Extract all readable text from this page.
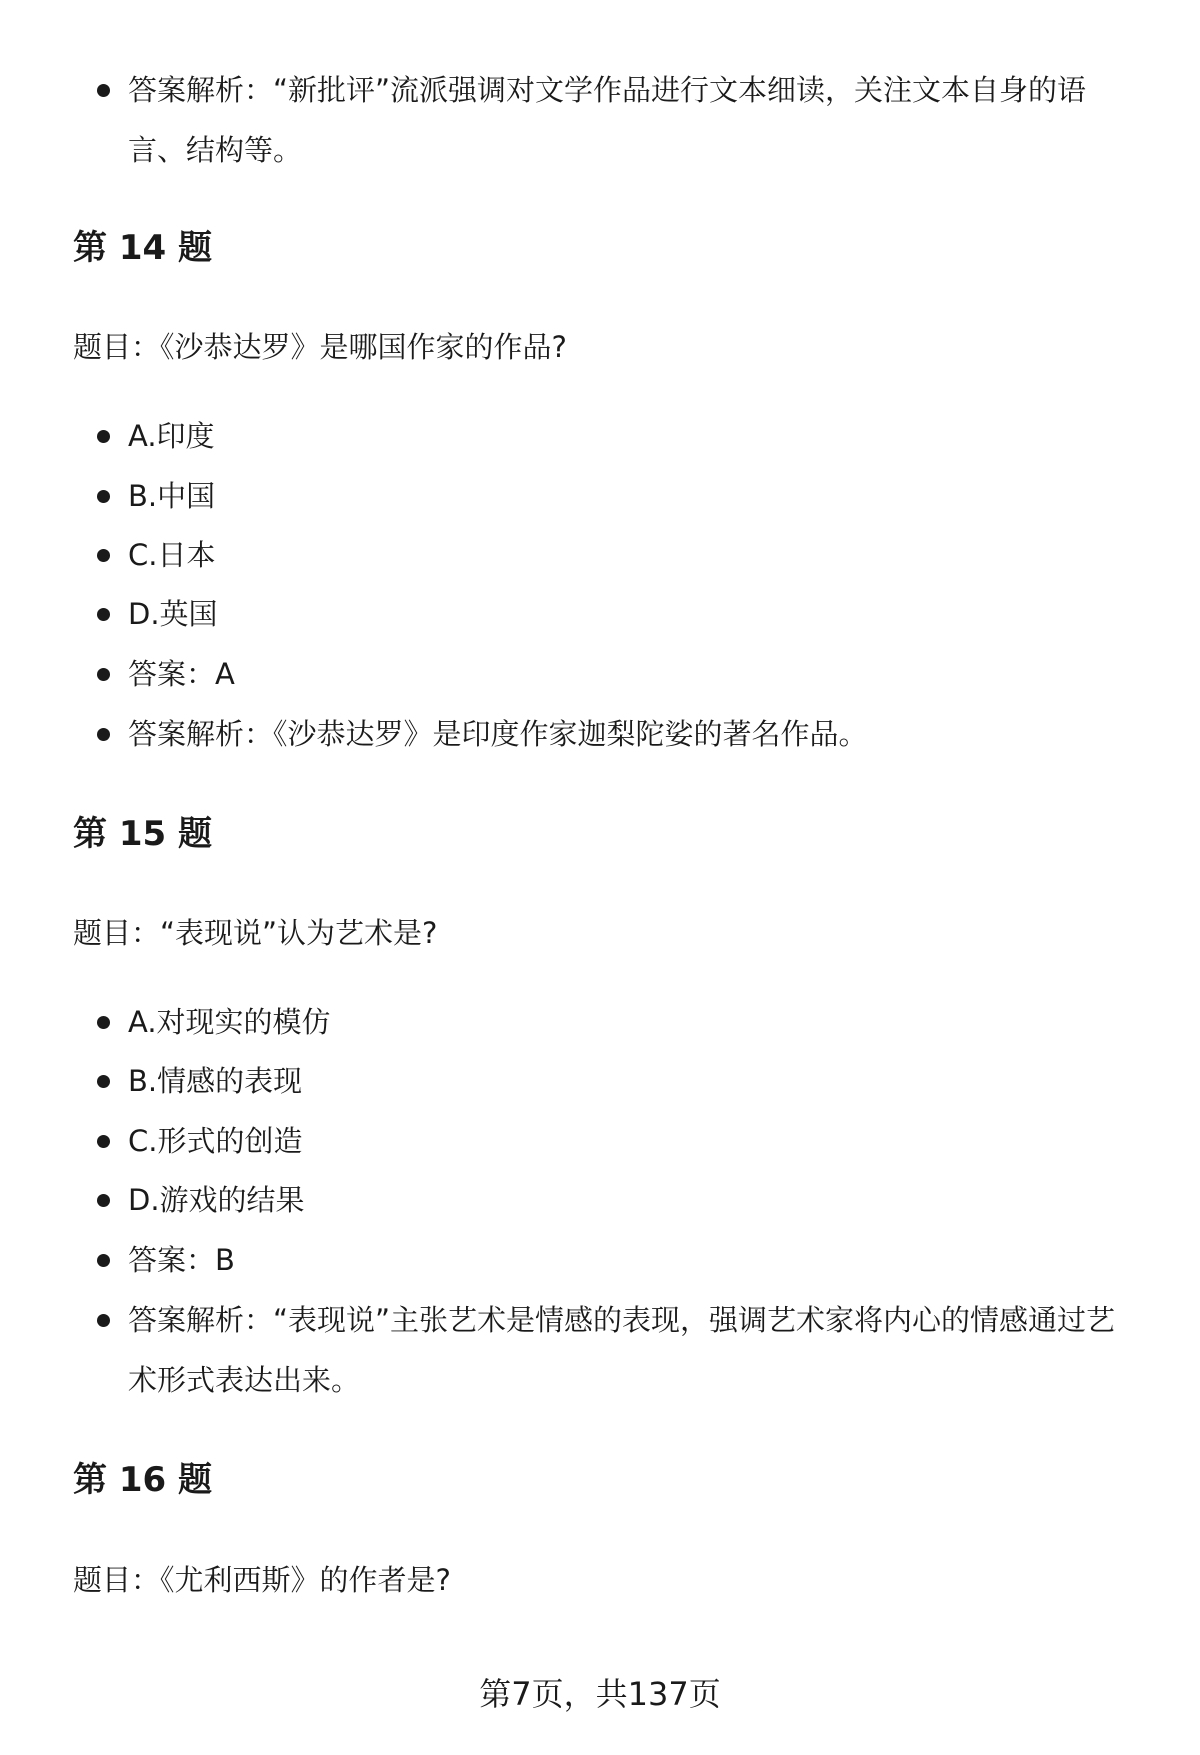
答案解析：“新批评”流派强调对文学作品进行文本细读，关注文本自身的语言、结构等。
第 14 题
题目：《沙恭达罗》是哪国作家的作品?
A.印度
B.中国
C.日本
D.英国
答案：A
答案解析：《沙恭达罗》是印度作家迦梨陀娑的著名作品。
第 15 题
题目：“表现说”认为艺术是?
A.对现实的模仿
B.情感的表现
C.形式的创造
D.游戏的结果
答案：B
答案解析：“表现说”主张艺术是情感的表现，强调艺术家将内心的情感通过艺术形式表达出来。
第 16 题
题目：《尤利西斯》的作者是?
第7页，共137页
